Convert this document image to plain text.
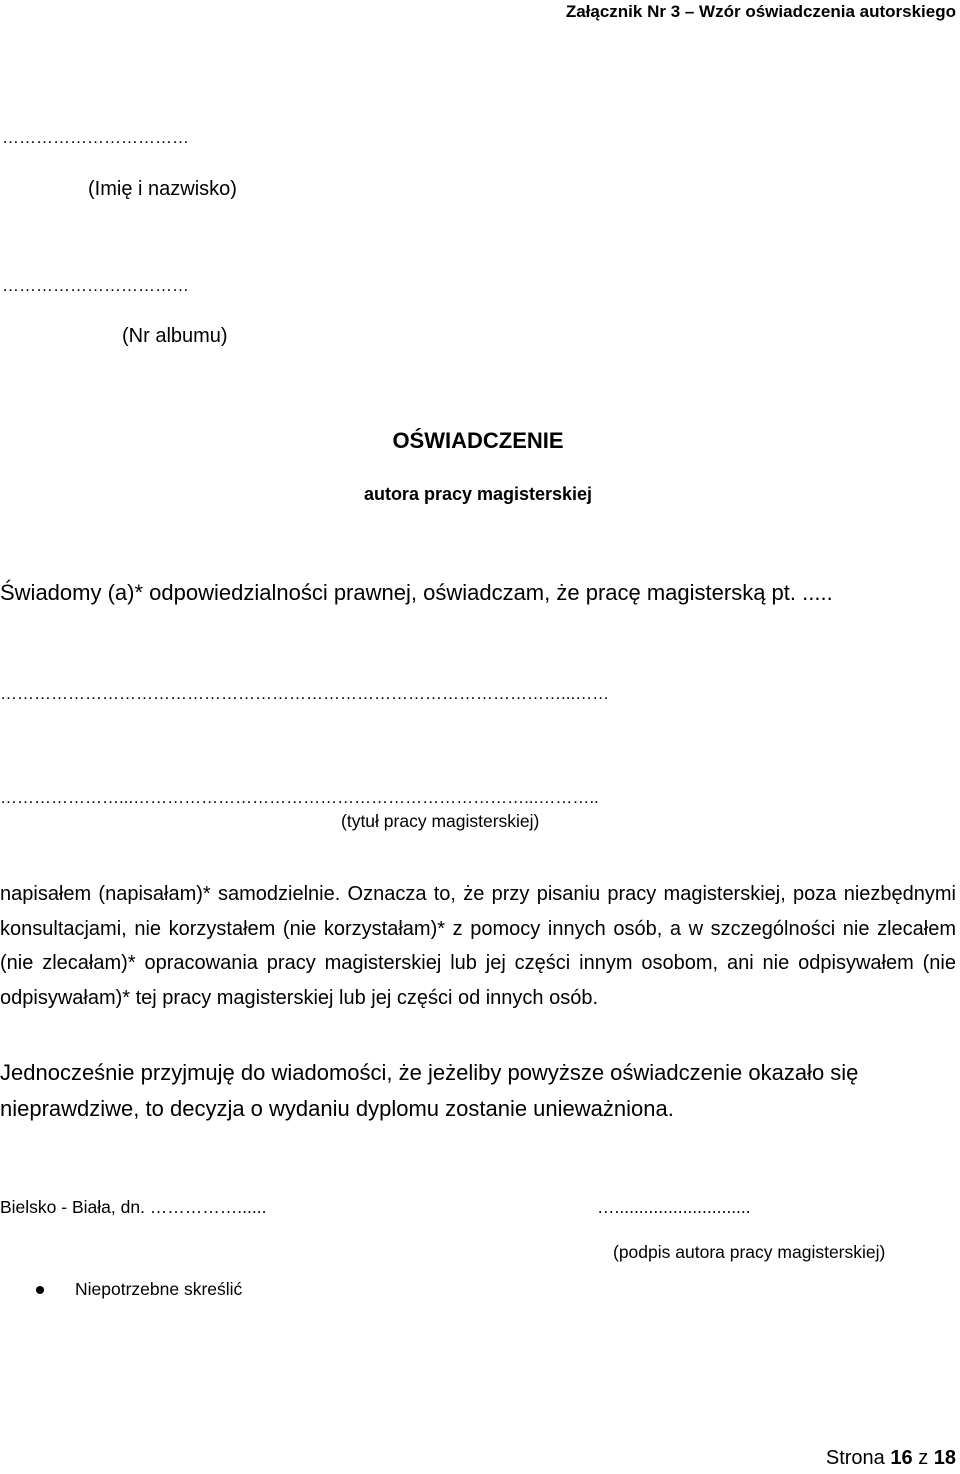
Załącznik Nr 3 – Wzór oświadczenia autorskiego
……………………………
(Imię i nazwisko)
……………………………
(Nr albumu)
OŚWIADCZENIE
autora pracy magisterskiej
Świadomy (a)* odpowiedzialności prawnej, oświadczam, że pracę magisterską pt. .....
………………………………………………………………………………………...……
…………………...……………………………………………………………...………..
(tytuł pracy magisterskiej)
napisałem (napisałam)* samodzielnie. Oznacza to, że przy pisaniu pracy magisterskiej, poza niezbędnymi konsultacjami, nie korzystałem (nie korzystałam)* z pomocy innych osób, a w szczególności nie zlecałem (nie zlecałam)* opracowania pracy magisterskiej lub jej części innym osobom, ani nie odpisywałem (nie odpisywałam)* tej pracy magisterskiej lub jej części od innych osób.
Jednocześnie przyjmuję do wiadomości, że jeżeliby powyższe oświadczenie okazało się nieprawdziwe, to decyzja o wydaniu dyplomu zostanie unieważniona.
Bielsko - Biała, dn. ……………......	…............................
(podpis autora pracy magisterskiej)
Niepotrzebne skreślić
Strona 16 z 18
